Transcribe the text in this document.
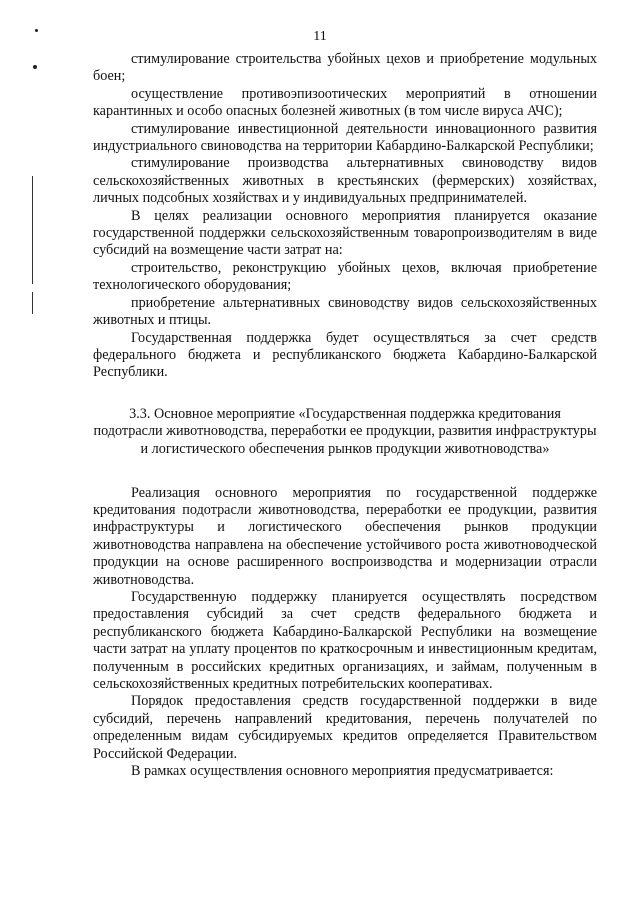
11

стимулирование строительства убойных цехов и приобретение модульных боен;

осуществление противоэпизоотических мероприятий в отношении карантинных и особо опасных болезней животных (в том числе вируса АЧС);

стимулирование инвестиционной деятельности инновационного развития индустриального свиноводства на территории Кабардино-Балкарской Республики;

стимулирование производства альтернативных свиноводству видов сельскохозяйственных животных в крестьянских (фермерских) хозяйствах, личных подсобных хозяйствах и у индивидуальных предпринимателей.

В целях реализации основного мероприятия планируется оказание государственной поддержки сельскохозяйственным товаропроизводителям в виде субсидий на возмещение части затрат на:

строительство, реконструкцию убойных цехов, включая приобретение технологического оборудования;

приобретение альтернативных свиноводству видов сельскохозяйственных животных и птицы.

Государственная поддержка будет осуществляться за счет средств федерального бюджета и республиканского бюджета Кабардино-Балкарской Республики.

3.3. Основное мероприятие «Государственная поддержка кредитования подотрасли животноводства, переработки ее продукции, развития инфраструктуры и логистического обеспечения рынков продукции животноводства»

Реализация основного мероприятия по государственной поддержке кредитования подотрасли животноводства, переработки ее продукции, развития инфраструктуры и логистического обеспечения рынков продукции животноводства направлена на обеспечение устойчивого роста животноводческой продукции на основе расширенного воспроизводства и модернизации отрасли животноводства.

Государственную поддержку планируется осуществлять посредством предоставления субсидий за счет средств федерального бюджета и республиканского бюджета Кабардино-Балкарской Республики на возмещение части затрат на уплату процентов по краткосрочным и инвестиционным кредитам, полученным в российских кредитных организациях, и займам, полученным в сельскохозяйственных кредитных потребительских кооперативах.

Порядок предоставления средств государственной поддержки в виде субсидий, перечень направлений кредитования, перечень получателей по определенным видам субсидируемых кредитов определяется Правительством Российской Федерации.

В рамках осуществления основного мероприятия предусматривается:
